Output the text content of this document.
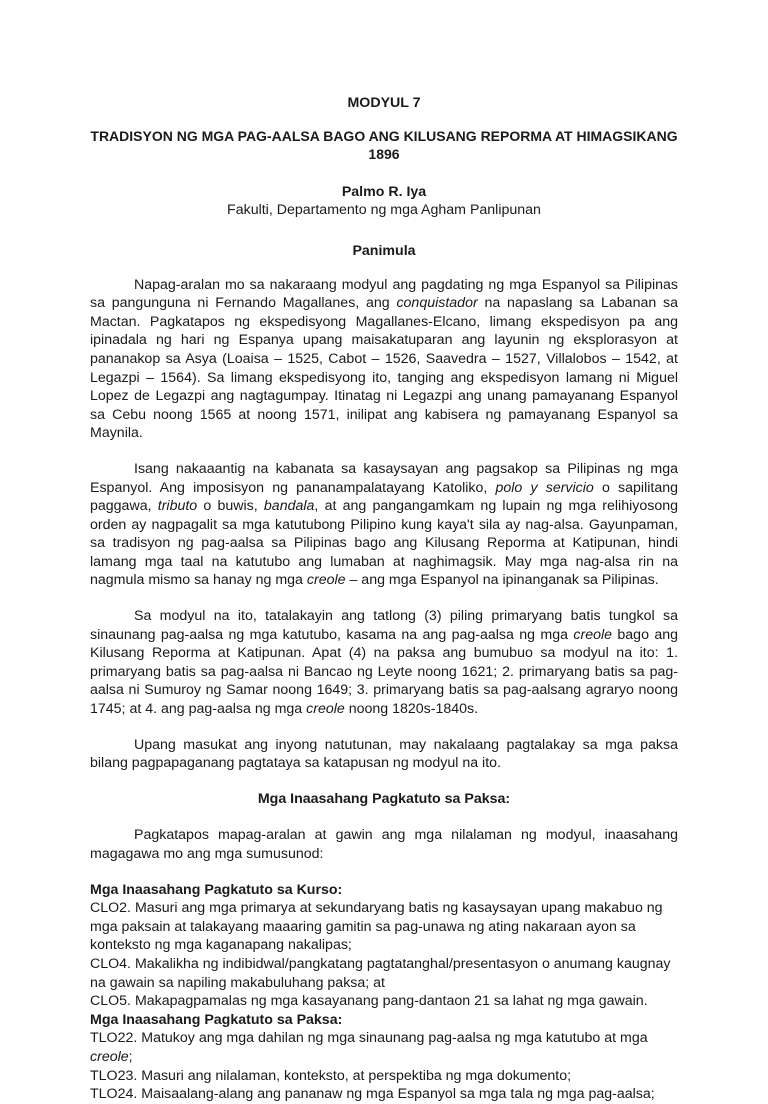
MODYUL 7

TRADISYON NG MGA PAG-AALSA BAGO ANG KILUSANG REPORMA AT HIMAGSIKANG 1896

Palmo R. Iya

Fakulti, Departamento ng mga Agham Panlipunan

Panimula

Napag-aralan mo sa nakaraang modyul ang pagdating ng mga Espanyol sa Pilipinas sa pangunguna ni Fernando Magallanes, ang conquistador na napaslang sa Labanan sa Mactan. Pagkatapos ng ekspedisyong Magallanes-Elcano, limang ekspedisyon pa ang ipinadala ng hari ng Espanya upang maisakatuparan ang layunin ng eksplorasyon at pananakop sa Asya (Loaisa – 1525, Cabot – 1526, Saavedra – 1527, Villalobos – 1542, at Legazpi – 1564). Sa limang ekspedisyong ito, tanging ang ekspedisyon lamang ni Miguel Lopez de Legazpi ang nagtagumpay. Itinatag ni Legazpi ang unang pamayanang Espanyol sa Cebu noong 1565 at noong 1571, inilipat ang kabisera ng pamayanang Espanyol sa Maynila.

Isang nakaaantig na kabanata sa kasaysayan ang pagsakop sa Pilipinas ng mga Espanyol. Ang imposisyon ng pananampalatayang Katoliko, polo y servicio o sapilitang paggawa, tributo o buwis, bandala, at ang pangangamkam ng lupain ng mga relihiyosong orden ay nagpagalit sa mga katutubong Pilipino kung kaya't sila ay nag-alsa. Gayunpaman, sa tradisyon ng pag-aalsa sa Pilipinas bago ang Kilusang Reporma at Katipunan, hindi lamang mga taal na katutubo ang lumaban at naghimagsik. May mga nag-alsa rin na nagmula mismo sa hanay ng mga creole – ang mga Espanyol na ipinanganak sa Pilipinas.

Sa modyul na ito, tatalakayin ang tatlong (3) piling primaryang batis tungkol sa sinaunang pag-aalsa ng mga katutubo, kasama na ang pag-aalsa ng mga creole bago ang Kilusang Reporma at Katipunan. Apat (4) na paksa ang bumubuo sa modyul na ito: 1. primaryang batis sa pag-aalsa ni Bancao ng Leyte noong 1621; 2. primaryang batis sa pag-aalsa ni Sumuroy ng Samar noong 1649; 3. primaryang batis sa pag-aalsang agraryo noong 1745; at 4. ang pag-aalsa ng mga creole noong 1820s-1840s.

Upang masukat ang inyong natutunan, may nakalaang pagtalakay sa mga paksa bilang pagpapaganang pagtataya sa katapusan ng modyul na ito.

Mga Inaasahang Pagkatuto sa Paksa:

Pagkatapos mapag-aralan at gawin ang mga nilalaman ng modyul, inaasahang magagawa mo ang mga sumusunod:

Mga Inaasahang Pagkatuto sa Kurso:

CLO2. Masuri ang mga primarya at sekundaryang batis ng kasaysayan upang makabuo ng mga paksain at talakayang maaaring gamitin sa pag-unawa ng ating nakaraan ayon sa konteksto ng mga kaganapang nakalipas;

CLO4. Makalikha ng indibidwal/pangkatang pagtatanghal/presentasyon o anumang kaugnay na gawain sa napiling makabuluhang paksa; at

CLO5. Makapagpamalas ng mga kasayanang pang-dantaon 21 sa lahat ng mga gawain.

Mga Inaasahang Pagkatuto sa Paksa:

TLO22. Matukoy ang mga dahilan ng mga sinaunang pag-aalsa ng mga katutubo at mga creole;

TLO23. Masuri ang nilalaman, konteksto, at perspektiba ng mga dokumento;

TLO24. Maisaalang-alang ang pananaw ng mga Espanyol sa mga tala ng mga pag-aalsa;
